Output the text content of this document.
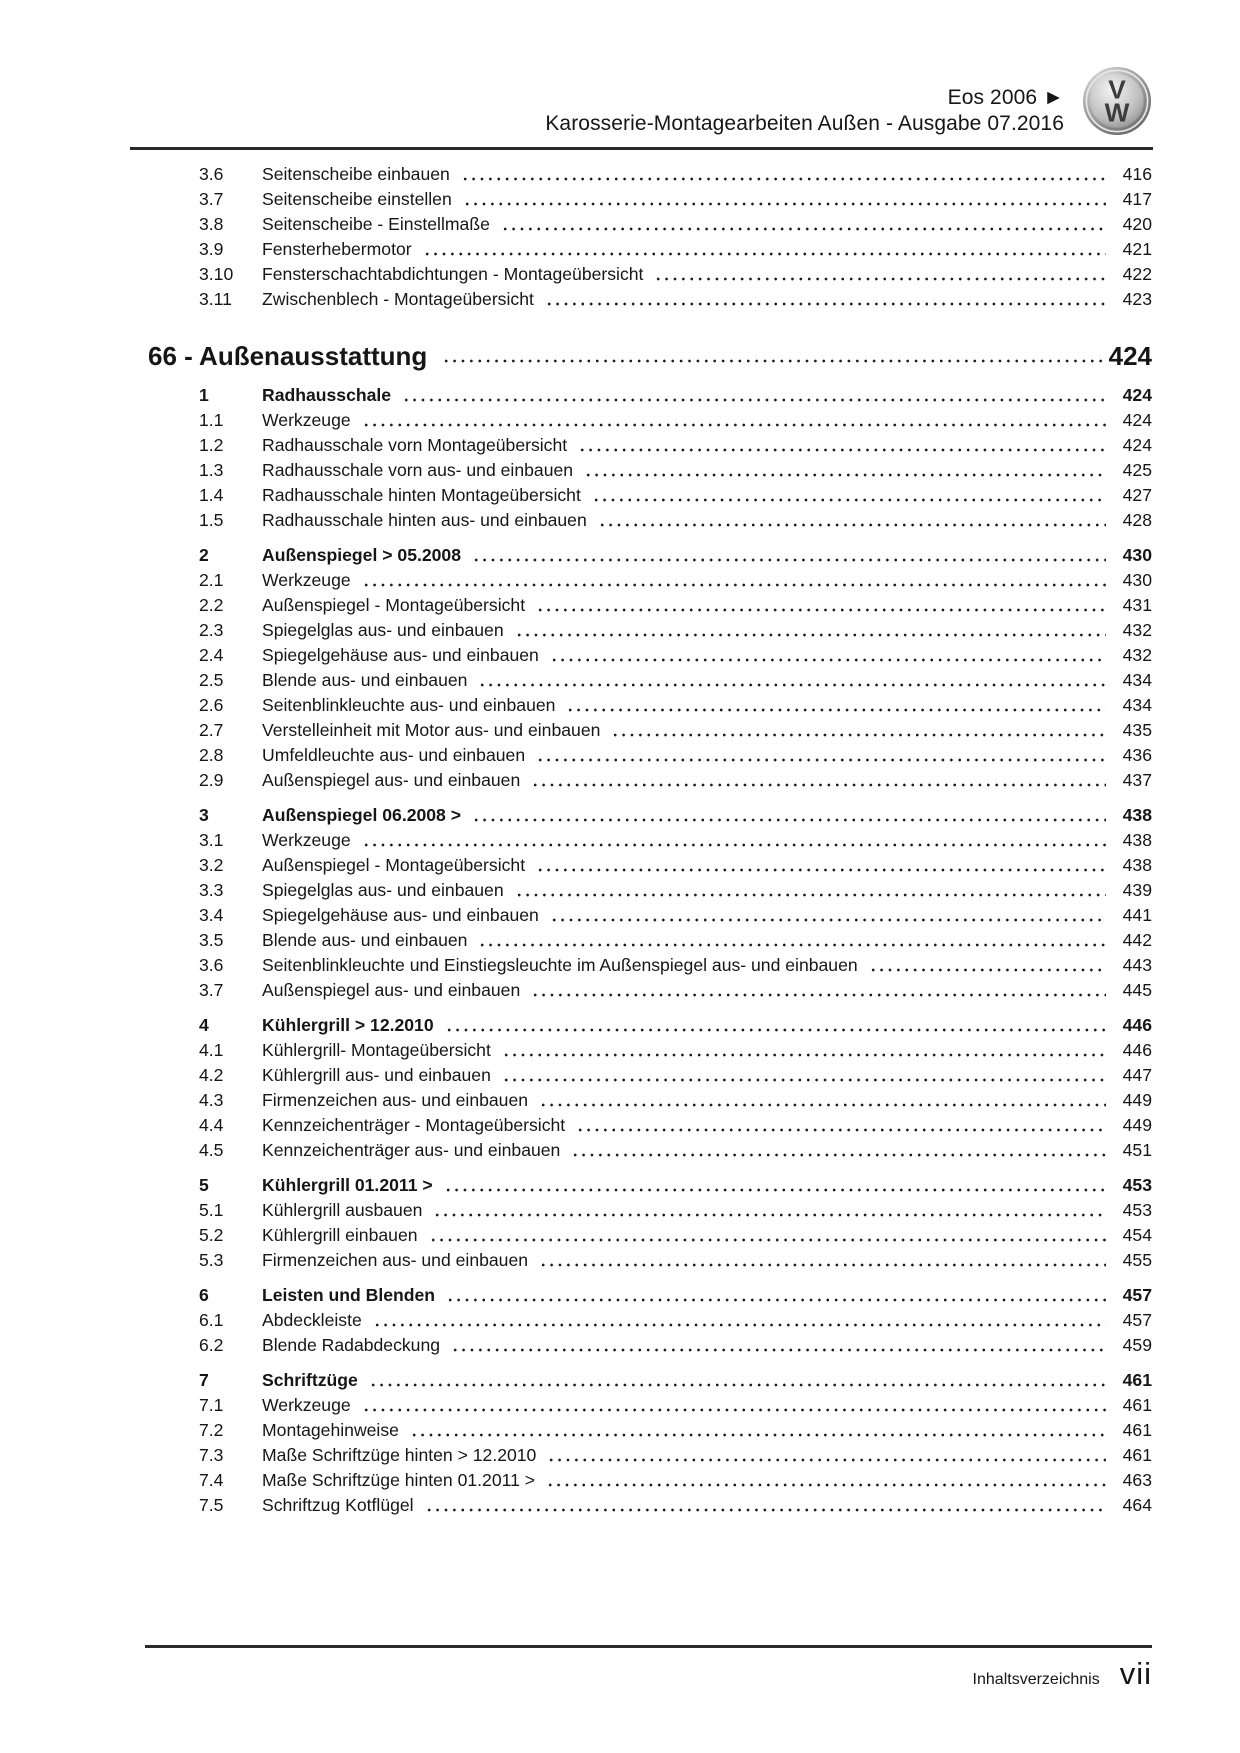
Eos 2006 ►
Karosserie-Montagearbeiten Außen - Ausgabe 07.2016
V
W
3.6	Seitenscheibe einbauen	416
3.7	Seitenscheibe einstellen	417
3.8	Seitenscheibe - Einstellmaße	420
3.9	Fensterhebermotor	421
3.10	Fensterschachtabdichtungen - Montageübersicht	422
3.11	Zwischenblech - Montageübersicht	423
66 - Außenausstattung	424
1	Radhausschale	424
1.1	Werkzeuge	424
1.2	Radhausschale vorn Montageübersicht	424
1.3	Radhausschale vorn aus- und einbauen	425
1.4	Radhausschale hinten Montageübersicht	427
1.5	Radhausschale hinten aus- und einbauen	428
2	Außenspiegel > 05.2008	430
2.1	Werkzeuge	430
2.2	Außenspiegel - Montageübersicht	431
2.3	Spiegelglas aus- und einbauen	432
2.4	Spiegelgehäuse aus- und einbauen	432
2.5	Blende aus- und einbauen	434
2.6	Seitenblinkleuchte aus- und einbauen	434
2.7	Verstelleinheit mit Motor aus- und einbauen	435
2.8	Umfeldleuchte aus- und einbauen	436
2.9	Außenspiegel aus- und einbauen	437
3	Außenspiegel 06.2008 >	438
3.1	Werkzeuge	438
3.2	Außenspiegel - Montageübersicht	438
3.3	Spiegelglas aus- und einbauen	439
3.4	Spiegelgehäuse aus- und einbauen	441
3.5	Blende aus- und einbauen	442
3.6	Seitenblinkleuchte und Einstiegsleuchte im Außenspiegel aus- und einbauen	443
3.7	Außenspiegel aus- und einbauen	445
4	Kühlergrill > 12.2010	446
4.1	Kühlergrill- Montageübersicht	446
4.2	Kühlergrill aus- und einbauen	447
4.3	Firmenzeichen aus- und einbauen	449
4.4	Kennzeichenträger - Montageübersicht	449
4.5	Kennzeichenträger aus- und einbauen	451
5	Kühlergrill 01.2011 >	453
5.1	Kühlergrill ausbauen	453
5.2	Kühlergrill einbauen	454
5.3	Firmenzeichen aus- und einbauen	455
6	Leisten und Blenden	457
6.1	Abdeckleiste	457
6.2	Blende Radabdeckung	459
7	Schriftzüge	461
7.1	Werkzeuge	461
7.2	Montagehinweise	461
7.3	Maße Schriftzüge hinten > 12.2010	461
7.4	Maße Schriftzüge hinten 01.2011 >	463
7.5	Schriftzug Kotflügel	464
Inhaltsverzeichnis vii
